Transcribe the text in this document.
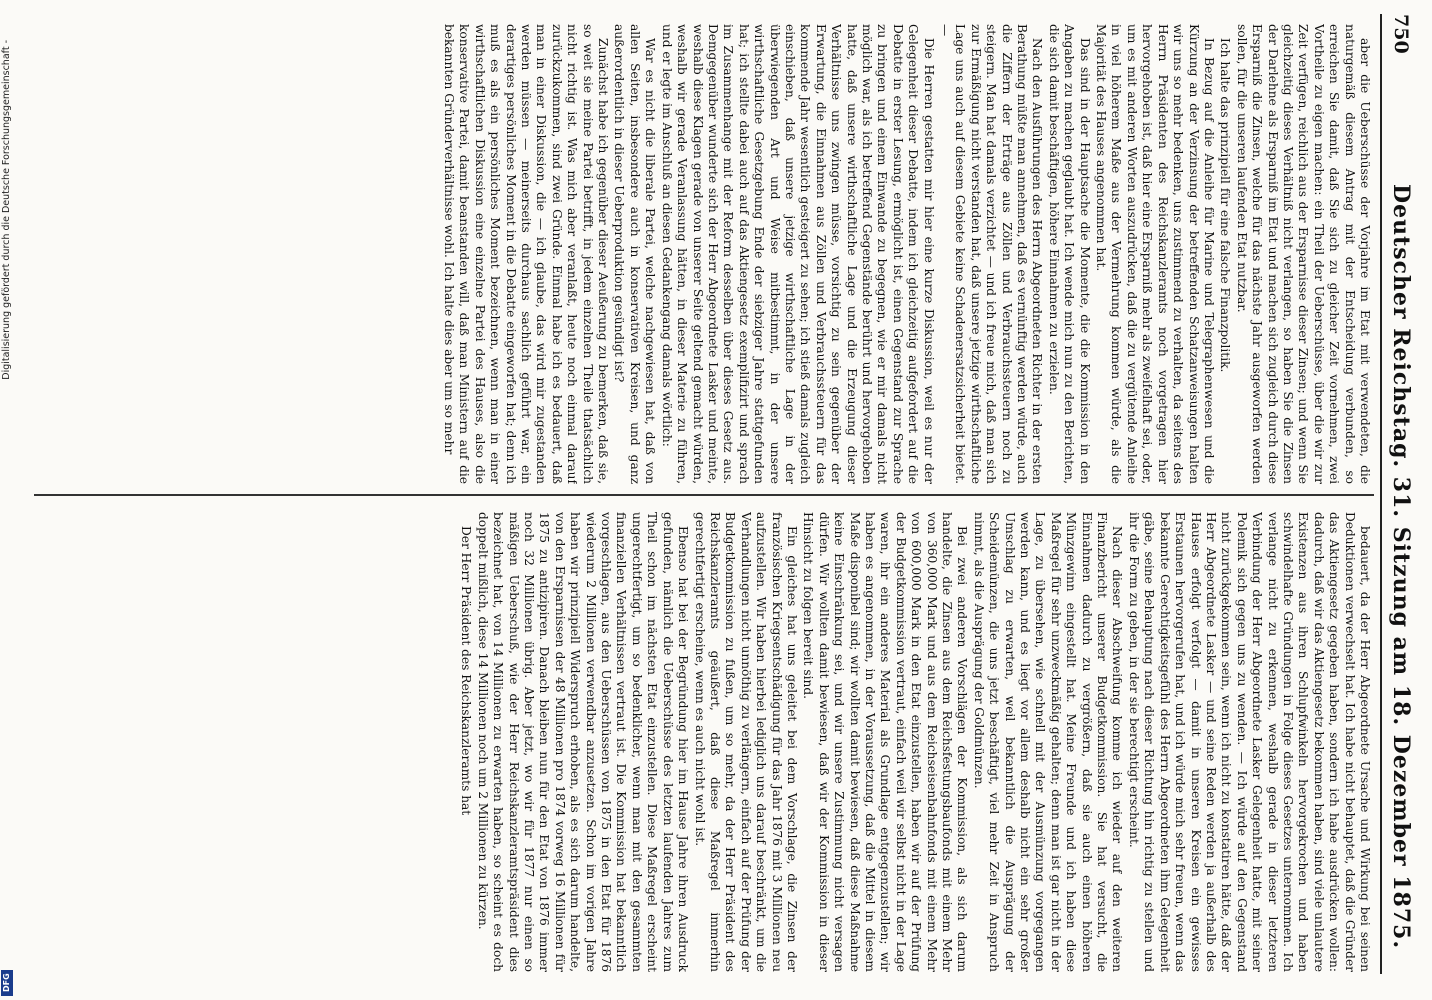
750
Deutscher Reichstag. 31. Sitzung am 18. Dezember 1875.

aber die Ueberschüsse der Vorjahre im Etat mit verwendeten, die naturgemäß diesem Antrag mit der Entscheidung verbunden, so erreichen Sie damit, daß Sie sich zu gleicher Zeit vornehmen, zwei Vortheile zu eigen machen: ein Theil der Ueberschüsse, über die wir zur Zeit verfügen, reichlich aus der Ersparnisse dieser Zinsen; und wenn Sie gleichzeitig dieses Verhältniß nicht verlangen, so haben Sie die Zinsen der Darlehne als Ersparniß im Etat und machen sich zugleich durch diese Ersparniß die Zinsen, welche für das nächste Jahr ausgeworfen werden sollen, für die unseren laufenden Etat nutzbar.

Ich halte das prinzipiell für eine falsche Finanzpolitik.

In Bezug auf die Anleihe für Marine und Telegraphenwesen und die Kürzung an der Verzinsung der betreffenden Schatzanweisungen halten wir uns so mehr bedenken, uns zustimmend zu verhalten, da seitens des Herrn Präsidenten des Reichskanzleramts noch vorgetragen hier hervorgehoben ist, daß hier eine Ersparniß mehr als zweifelhaft sei, oder, um es mit anderen Worten auszudrücken, daß die zu vergütende Anleihe in viel höherem Maße aus der Vermehrung kommen würde, als die Majorität des Hauses angenommen hat.

Das sind in der Hauptsache die Momente, die die Kommission in den Angaben zu machen geglaubt hat. Ich wende mich nun zu den Berichten, die sich damit beschäftigen, höhere Einnahmen zu erzielen.

Nach den Ausführungen des Herrn Abgeordneten Richter in der ersten Berathung müßte man annehmen, daß es vernünftig werden würde, auch die Ziffern der Erträge aus Zöllen und Verbrauchssteuern noch zu steigern. Man hat damals verzichtet — und ich freue mich, daß man sich zur Ermäßigung nicht verstanden hat, daß unsere jetzige wirthschaftliche Lage uns auch auf diesem Gebiete keine Schadenersatzsicherheit bietet. —

Die Herren gestatten mir hier eine kurze Diskussion, weil es nur der Gelegenheit dieser Debatte, indem ich gleichzeitig aufgefordert auf die Debatte in erster Lesung, ermöglicht ist, einen Gegenstand zur Sprache zu bringen und einem Einwande zu begegnen, wie er mir damals nicht möglich war, als ich betreffend Gegenstände berührt und hervorgehoben hatte, daß unsere wirthschaftliche Lage und die Erzeugung dieser Verhältnisse uns zwingen müsse, vorsichtig zu sein gegenüber der Erwartung, die Einnahmen aus Zöllen und Verbrauchssteuern für das kommende Jahr wesentlich gesteigert zu sehen; ich stieß damals zugleich einschieben, daß unsere jetzige wirthschaftliche Lage in der überwiegenden Art und Weise mitbestimmt, in der unsere wirthschaftliche Gesetzgebung Ende der siebziger Jahre stattgefunden hat; ich stellte dabei auch auf das Aktiengesetz exemplifizirt und sprach im Zusammenhange mit der Reform desselben über dieses Gesetz aus. Demgegenüber wunderte sich der Herr Abgeordnete Lasker und meinte, weshalb diese Klagen gerade von unserer Seite geltend gemacht würden, weshalb wir gerade Veranlassung hätten, in dieser Materie zu führen, und er legte im Anschluß an diesen Gedankengang damals wörtlich:

War es nicht die liberale Partei, welche nachgewiesen hat, daß von allen Seiten, insbesondere auch in konservativen Kreisen, und ganz außerordentlich in dieser Ueberproduktion gesündigt ist?

Zunächst habe ich gegenüber dieser Aeußerung zu bemerken, daß sie, so weit sie meine Partei betrifft, in jedem einzelnen Theile thatsächlich nicht richtig ist. Was mich aber veranlaßt, heute noch einmal darauf zurückzukommen, sind zwei Gründe. Einmal habe ich es bedauert, daß man in einer Diskussion, die — ich glaube, das wird mir zugestanden werden müssen — meinerseits durchaus sachlich geführt war, ein derartiges persönliches Moment in die Debatte eingeworfen hat; denn ich muß es als ein persönliches Moment bezeichnen, wenn man in einer wirthschaftlichen Diskussion eine einzelne Partei des Hauses, also die konservative Partei, damit beanstanden will, daß man Ministern auf die bekannten Gründerverhältnisse wohl. Ich halte dies aber um so mehr

bedauert, da der Herr Abgeordnete Ursache und Wirkung bei seinen Deduktionen verwechselt hat. Ich habe nicht behauptet, daß die Gründer das Aktiengesetz gegeben haben, sondern ich habe ausdrücken wollen: dadurch, daß wir das Aktiengesetz bekommen haben, sind viele unlautere Existenzen aus ihren Schlupfwinkeln hervorgekrochen und haben schwindelhafte Gründungen in Folge dieses Gesetzes unternommen. Ich verlange nicht zu erkennen, weshalb gerade in dieser letzteren Verbindung der Herr Abgeordnete Lasker Gelegenheit hatte, mit seiner Polemik sich gegen uns zu wenden. — Ich würde auf den Gegenstand nicht zurückgekommen sein, wenn ich nicht zu konstatiren hätte, daß der Herr Abgeordnete Lasker — und seine Reden werden ja außerhalb des Hauses erfolgt verfolgt — damit in unseren Kreisen ein gewisses Erstaunen hervorgerufen hat, und ich würde mich sehr freuen, wenn das bekannte Gerechtigkeitsgefühl des Herrn Abgeordneten ihm Gelegenheit gäbe, seine Behauptung nach dieser Richtung hin richtig zu stellen und ihr die Form zu geben, in der sie berechtigt erscheint.

Nach dieser Abschweifung komme ich wieder auf den weiteren Finanzbericht unserer Budgetkommission. Sie hat versucht, die Einnahmen dadurch zu vergrößern, daß sie auch einen höheren Münzgewinn eingestellt hat. Meine Freunde und ich haben diese Maßregel für sehr unzweckmäßig gehalten; denn man ist gar nicht in der Lage, zu übersehen, wie schnell mit der Ausmünzung vorgegangen werden kann, und es liegt vor allem deshalb nicht ein sehr großer Umschlag zu erwarten, weil bekanntlich die Ausprägung der Scheidemünzen, die uns jetzt beschäftigt, viel mehr Zeit in Anspruch nimmt, als die Ausprägung der Goldmünzen.

Bei zwei anderen Vorschlägen der Kommission, als sich darum handelte, die Zinsen aus dem Reichsfestungsbaufonds mit einem Mehr von 360,000 Mark und aus dem Reichseisenbahnfonds mit einem Mehr von 600,000 Mark in den Etat einzustellen, haben wir auf der Prüfung der Budgetkommission vertraut, einfach weil wir selbst nicht in der Lage waren, ihr ein anderes Material als Grundlage entgegenzustellen; wir haben es angenommen, in der Voraussetzung, daß die Mittel in diesem Maße disponibel sind; wir wollten damit bewiesen, daß diese Maßnahme keine Einschränkung sei, und wir unsere Zustimmung nicht versagen dürfen. Wir wollten damit bewiesen, daß wir der Kommission in dieser Hinsicht zu folgen bereit sind.

Ein gleiches hat uns geleitet bei dem Vorschlage, die Zinsen der französischen Kriegsentschädigung für das Jahr 1876 mit 3 Millionen neu aufzustellen. Wir haben hierbei lediglich uns darauf beschränkt, um die Verhandlungen nicht unnöthig zu verlängern, einfach auf der Prüfung der Budgetkommission zu fußen, um so mehr, da der Herr Präsident des Reichskanzleramts geäußert, daß diese Maßregel immerhin gerechtfertigt erscheine, wenn es auch nicht wohl ist.

Ebenso hat bei der Begründung hier im Hause Jahre ihren Ausdruck gefunden, nämlich die Ueberschüsse des letzten laufenden Jahres zum Theil schon im nächsten Etat einzustellen. Diese Maßregel erscheint ungerechtfertigt, um so bedenklicher, wenn man mit den gesammten finanziellen Verhältnissen vertraut ist. Die Kommission hat bekanntlich vorgeschlagen, aus den Ueberschüssen von 1875 in den Etat für 1876 wiederum 2 Millionen verwendbar anzusetzen. Schon im vorigen Jahre haben wir prinzipiell Widerspruch erhoben, als es sich darum handelte, von den Ersparnissen der 48 Millionen pro 1874 vorweg 16 Millionen für 1875 zu antizipiren. Danach bleiben nun für den Etat von 1876 immer noch 32 Millionen übrig. Aber jetzt, wo wir für 1877 nur einen so mäßigen Ueberschuß, wie der Herr Reichskanzleramtspräsident dies bezeichnet hat, von 14 Millionen zu erwarten haben, so scheint es doch doppelt mißlich, diese 14 Millionen noch um 2 Millionen zu kürzen.

Der Herr Präsident des Reichskanzleramts hat

Digitalisierung gefördert durch die Deutsche Forschungsgemeinschaft -
DFG
